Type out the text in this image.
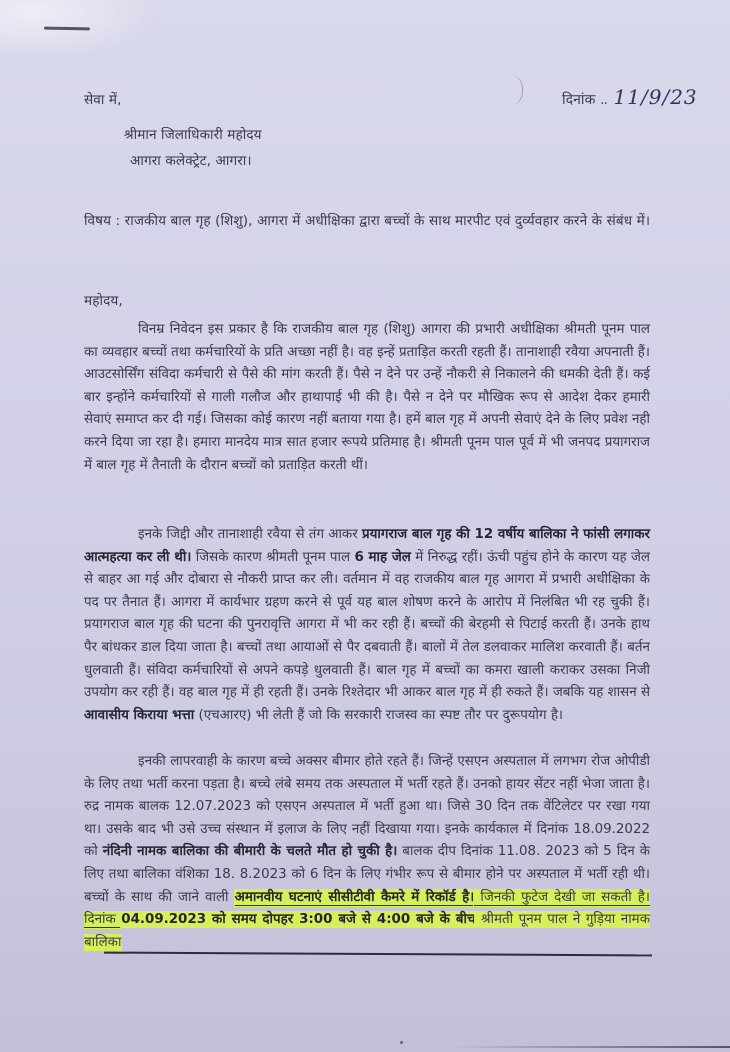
सेवा में,	दिनांक .. 11/9/23
श्रीमान जिलाधिकारी महोदय
आगरा कलेक्ट्रेट, आगरा।
विषय : राजकीय बाल गृह (शिशु), आगरा में अधीक्षिका द्वारा बच्चों के साथ मारपीट एवं दुर्व्यवहार करने के संबंध में।
महोदय,
विनम्र निवेदन इस प्रकार है कि राजकीय बाल गृह (शिशु) आगरा की प्रभारी अधीक्षिका श्रीमती पूनम पाल का व्यवहार बच्चों तथा कर्मचारियों के प्रति अच्छा नहीं है। वह इन्हें प्रताड़ित करती रहती हैं। तानाशाही रवैया अपनाती हैं। आउटसोर्सिंग संविदा कर्मचारी से पैसे की मांग करती हैं। पैसे न देने पर उन्हें नौकरी से निकालने की धमकी देती हैं। कई बार इन्होंने कर्मचारियों से गाली गलौज और हाथापाई भी की है। पैसे न देने पर मौखिक रूप से आदेश देकर हमारी सेवाएं समाप्त कर दी गई। जिसका कोई कारण नहीं बताया गया है। हमें बाल गृह में अपनी सेवाएं देने के लिए प्रवेश नही करने दिया जा रहा है। हमारा मानदेय मात्र सात हजार रूपये प्रतिमाह है। श्रीमती पूनम पाल पूर्व में भी जनपद प्रयागराज में बाल गृह में तैनाती के दौरान बच्चों को प्रताड़ित करती थीं।
इनके जिद्दी और तानाशाही रवैया से तंग आकर प्रयागराज बाल गृह की 12 वर्षीय बालिका ने फांसी लगाकर आत्महत्या कर ली थी। जिसके कारण श्रीमती पूनम पाल 6 माह जेल में निरुद्ध रहीं। ऊंची पहुंच होने के कारण यह जेल से बाहर आ गई और दोबारा से नौकरी प्राप्त कर ली। वर्तमान में वह राजकीय बाल गृह आगरा में प्रभारी अधीक्षिका के पद पर तैनात हैं। आगरा में कार्यभार ग्रहण करने से पूर्व यह बाल शोषण करने के आरोप में निलंबित भी रह चुकी हैं। प्रयागराज बाल गृह की घटना की पुनरावृत्ति आगरा में भी कर रही हैं। बच्चों की बेरहमी से पिटाई करती हैं। उनके हाथ पैर बांधकर डाल दिया जाता है। बच्चों तथा आयाओं से पैर दबवाती हैं। बालों में तेल डलवाकर मालिश करवाती हैं। बर्तन धुलवाती हैं। संविदा कर्मचारियों से अपने कपड़े धुलवाती हैं। बाल गृह में बच्चों का कमरा खाली कराकर उसका निजी उपयोग कर रही हैं। वह बाल गृह में ही रहती हैं। उनके रिश्तेदार भी आकर बाल गृह में ही रुकते हैं। जबकि यह शासन से आवासीय किराया भत्ता (एचआरए) भी लेती हैं जो कि सरकारी राजस्व का स्पष्ट तौर पर दुरूपयोग है।
इनकी लापरवाही के कारण बच्चे अक्सर बीमार होते रहते हैं। जिन्हें एसएन अस्पताल में लगभग रोज ओपीडी के लिए तथा भर्ती करना पड़ता है। बच्चे लंबे समय तक अस्पताल में भर्ती रहते हैं। उनको हायर सेंटर नहीं भेजा जाता है। रुद्र नामक बालक 12.07.2023 को एसएन अस्पताल में भर्ती हुआ था। जिसे 30 दिन तक वेंटिलेटर पर रखा गया था। उसके बाद भी उसे उच्च संस्थान में इलाज के लिए नहीं दिखाया गया। इनके कार्यकाल में दिनांक 18.09.2022 को नंदिनी नामक बालिका की बीमारी के चलते मौत हो चुकी है। बालक दीप दिनांक 11.08. 2023 को 5 दिन के लिए तथा बालिका वंशिका 18. 8.2023 को 6 दिन के लिए गंभीर रूप से बीमार होने पर अस्पताल में भर्ती रही थी। बच्चों के साथ की जाने वाली अमानवीय घटनाएं सीसीटीवी कैमरे में रिकॉर्ड है। जिनकी फुटेज देखी जा सकती है। दिनांक 04.09.2023 को समय दोपहर 3:00 बजे से 4:00 बजे के बीच श्रीमती पूनम पाल ने गुड़िया नामक बालिका
